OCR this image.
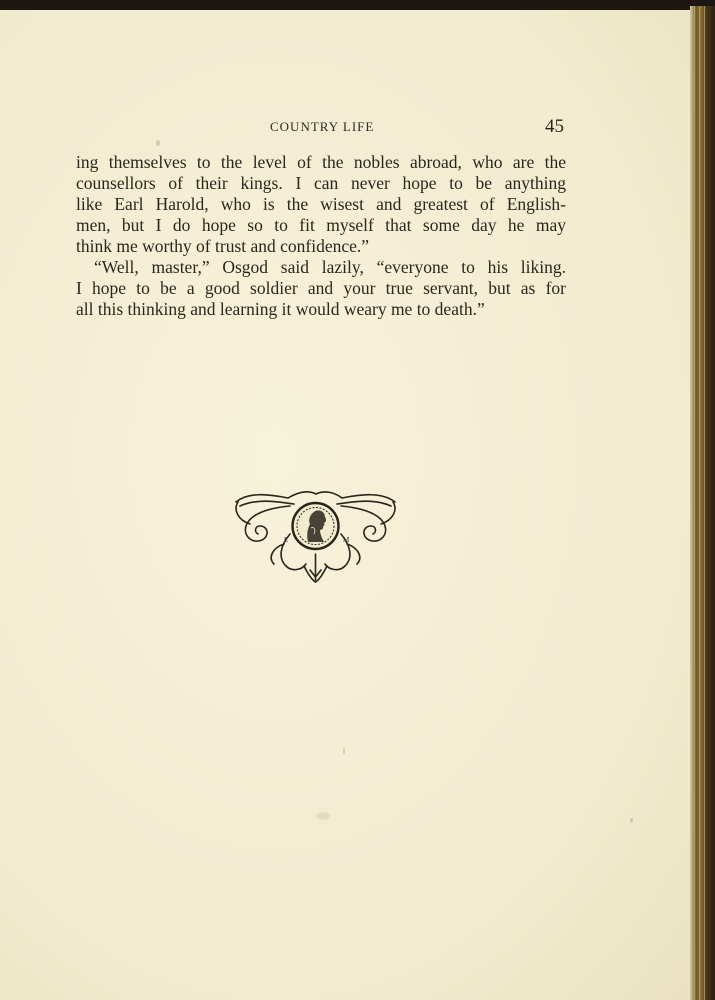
COUNTRY LIFE	45
ing themselves to the level of the nobles abroad, who are the
counsellors of their kings. I can never hope to be anything
like Earl Harold, who is the wisest and greatest of English-
men, but I do hope so to fit myself that some day he may
think me worthy of trust and confidence.”
“Well, master,” Osgod said lazily, “everyone to his liking.
I hope to be a good soldier and your true servant, but as for
all this thinking and learning it would weary me to death.”
L	M
